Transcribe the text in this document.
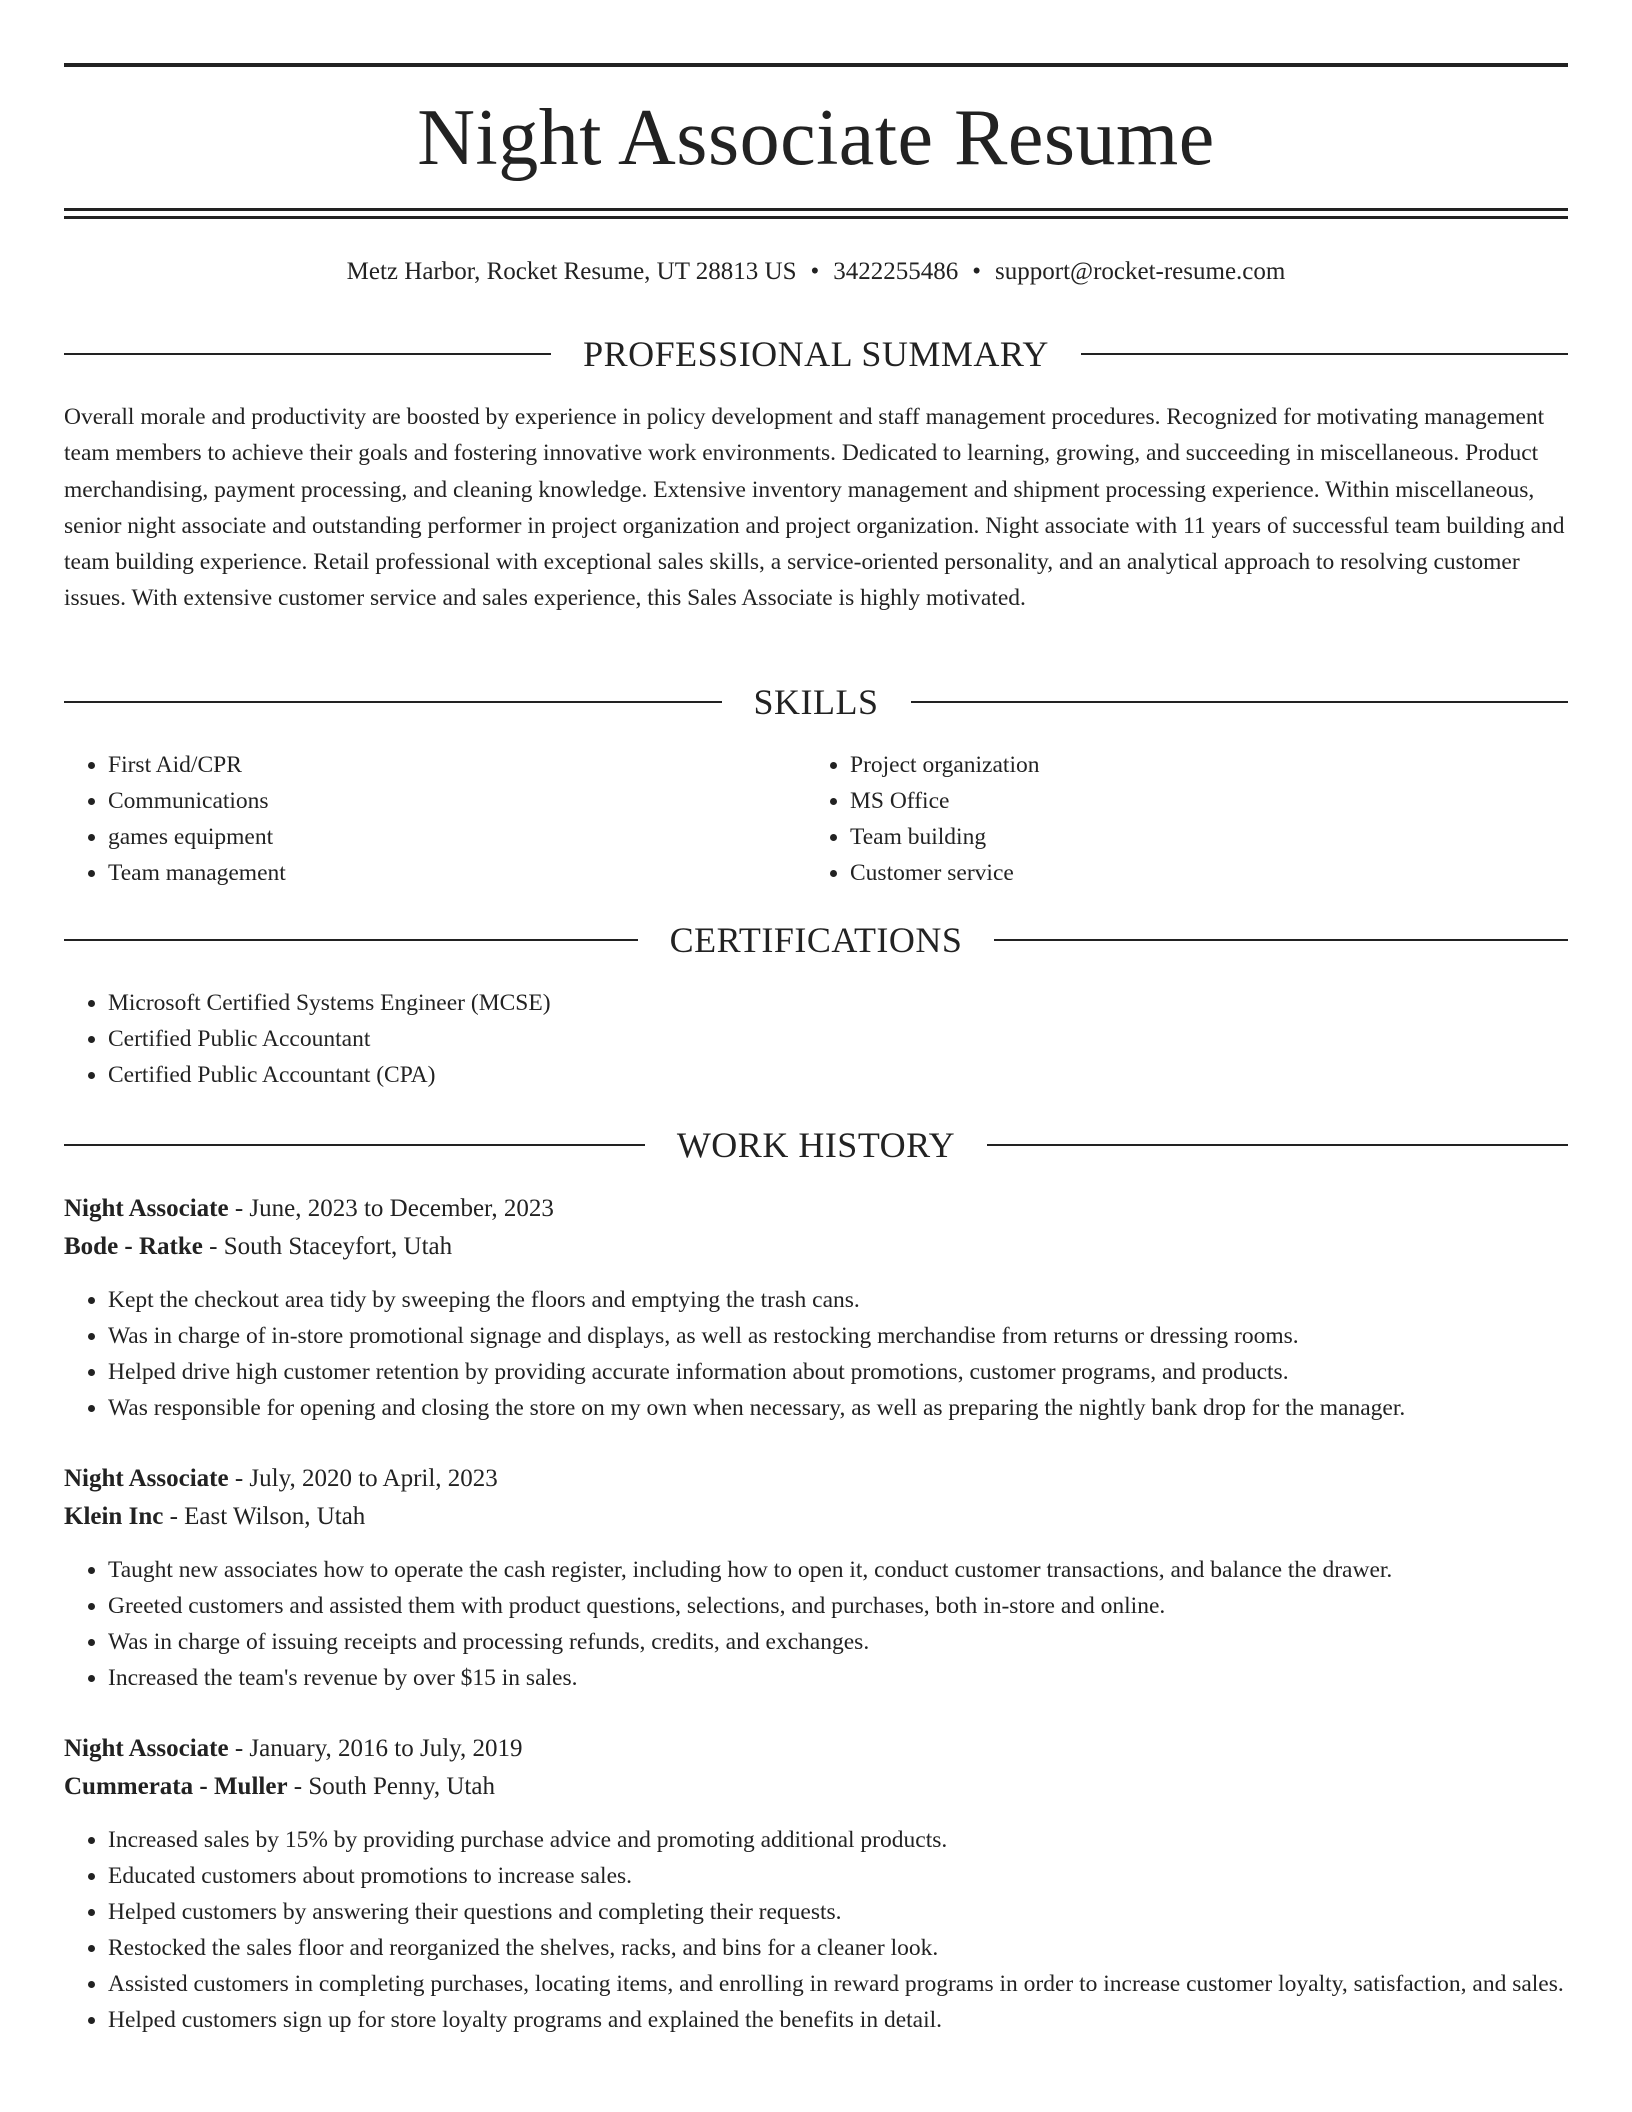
Night Associate Resume
Metz Harbor, Rocket Resume, UT 28813 US • 3422255486 • support@rocket-resume.com
PROFESSIONAL SUMMARY

Overall morale and productivity are boosted by experience in policy development and staff management procedures. Recognized for motivating management team members to achieve their goals and fostering innovative work environments. Dedicated to learning, growing, and succeeding in miscellaneous. Product merchandising, payment processing, and cleaning knowledge. Extensive inventory management and shipment processing experience. Within miscellaneous, senior night associate and outstanding performer in project organization and project organization. Night associate with 11 years of successful team building and team building experience. Retail professional with exceptional sales skills, a service-oriented personality, and an analytical approach to resolving customer issues. With extensive customer service and sales experience, this Sales Associate is highly motivated.

SKILLS
• First Aid/CPR
• Communications
• games equipment
• Team management
• Project organization
• MS Office
• Team building
• Customer service
CERTIFICATIONS
• Microsoft Certified Systems Engineer (MCSE)
• Certified Public Accountant
• Certified Public Accountant (CPA)
WORK HISTORY
Night Associate - June, 2023 to December, 2023
Bode - Ratke - South Staceyfort, Utah
• Kept the checkout area tidy by sweeping the floors and emptying the trash cans.
• Was in charge of in-store promotional signage and displays, as well as restocking merchandise from returns or dressing rooms.
• Helped drive high customer retention by providing accurate information about promotions, customer programs, and products.
• Was responsible for opening and closing the store on my own when necessary, as well as preparing the nightly bank drop for the manager.
Night Associate - July, 2020 to April, 2023
Klein Inc - East Wilson, Utah
• Taught new associates how to operate the cash register, including how to open it, conduct customer transactions, and balance the drawer.
• Greeted customers and assisted them with product questions, selections, and purchases, both in-store and online.
• Was in charge of issuing receipts and processing refunds, credits, and exchanges.
• Increased the team's revenue by over $15 in sales.
Night Associate - January, 2016 to July, 2019
Cummerata - Muller - South Penny, Utah
• Increased sales by 15% by providing purchase advice and promoting additional products.
• Educated customers about promotions to increase sales.
• Helped customers by answering their questions and completing their requests.
• Restocked the sales floor and reorganized the shelves, racks, and bins for a cleaner look.
• Assisted customers in completing purchases, locating items, and enrolling in reward programs in order to increase customer loyalty, satisfaction, and sales.
• Helped customers sign up for store loyalty programs and explained the benefits in detail.
